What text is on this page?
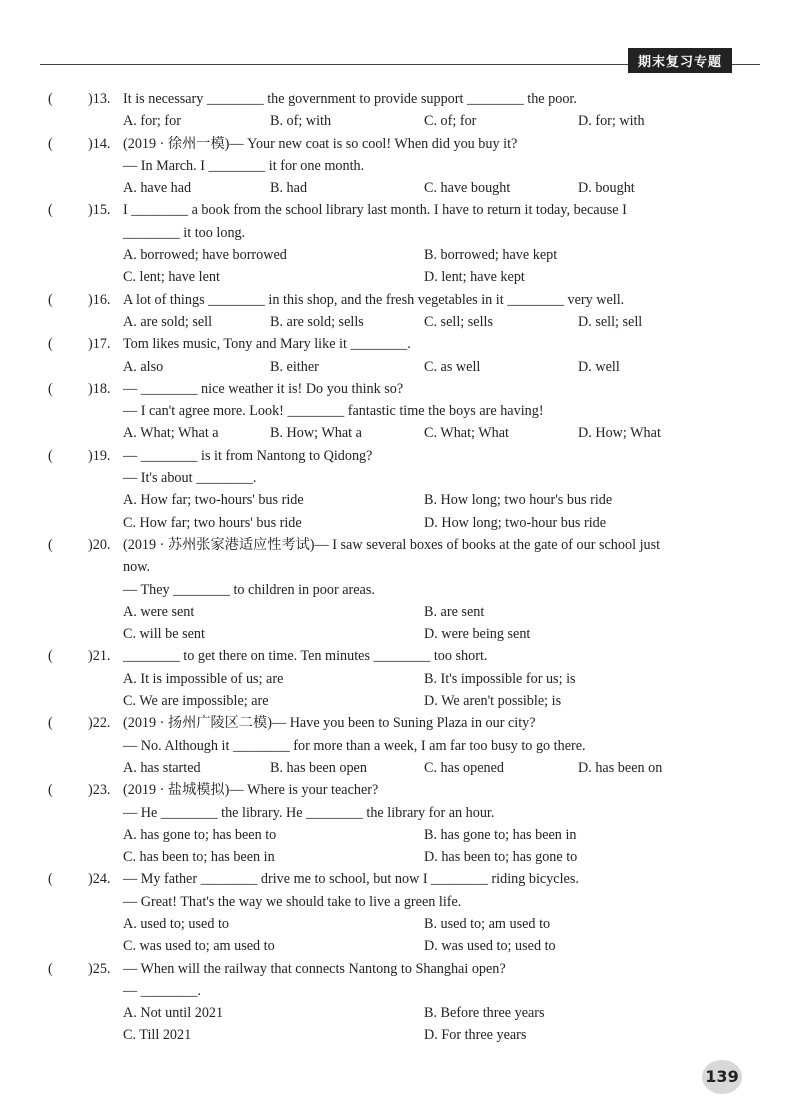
期末复习专题
( )13. It is necessary ________ the government to provide support ________ the poor.
A. for; for	B. of; with	C. of; for	D. for; with
( )14. (2019 · 徐州一模)— Your new coat is so cool! When did you buy it?
— In March. I ________ it for one month.
A. have had	B. had	C. have bought	D. bought
( )15. I ________ a book from the school library last month. I have to return it today, because I
________ it too long.
A. borrowed; have borrowed	B. borrowed; have kept
C. lent; have lent	D. lent; have kept
( )16. A lot of things ________ in this shop, and the fresh vegetables in it ________ very well.
A. are sold; sell	B. are sold; sells	C. sell; sells	D. sell; sell
( )17. Tom likes music, Tony and Mary like it ________.
A. also	B. either	C. as well	D. well
( )18. — ________ nice weather it is! Do you think so?
— I can't agree more. Look! ________ fantastic time the boys are having!
A. What; What a	B. How; What a	C. What; What	D. How; What
( )19. — ________ is it from Nantong to Qidong?
— It's about ________.
A. How far; two-hours' bus ride	B. How long; two hour's bus ride
C. How far; two hours' bus ride	D. How long; two-hour bus ride
( )20. (2019 · 苏州张家港适应性考试)— I saw several boxes of books at the gate of our school just
now.
— They ________ to children in poor areas.
A. were sent	B. are sent
C. will be sent	D. were being sent
( )21. ________ to get there on time. Ten minutes ________ too short.
A. It is impossible of us; are	B. It's impossible for us; is
C. We are impossible; are	D. We aren't possible; is
( )22. (2019 · 扬州广陵区二模)— Have you been to Suning Plaza in our city?
— No. Although it ________ for more than a week, I am far too busy to go there.
A. has started	B. has been open	C. has opened	D. has been on
( )23. (2019 · 盐城模拟)— Where is your teacher?
— He ________ the library. He ________ the library for an hour.
A. has gone to; has been to	B. has gone to; has been in
C. has been to; has been in	D. has been to; has gone to
( )24. — My father ________ drive me to school, but now I ________ riding bicycles.
— Great! That's the way we should take to live a green life.
A. used to; used to	B. used to; am used to
C. was used to; am used to	D. was used to; used to
( )25. — When will the railway that connects Nantong to Shanghai open?
— ________.
A. Not until 2021	B. Before three years
C. Till 2021	D. For three years
139
